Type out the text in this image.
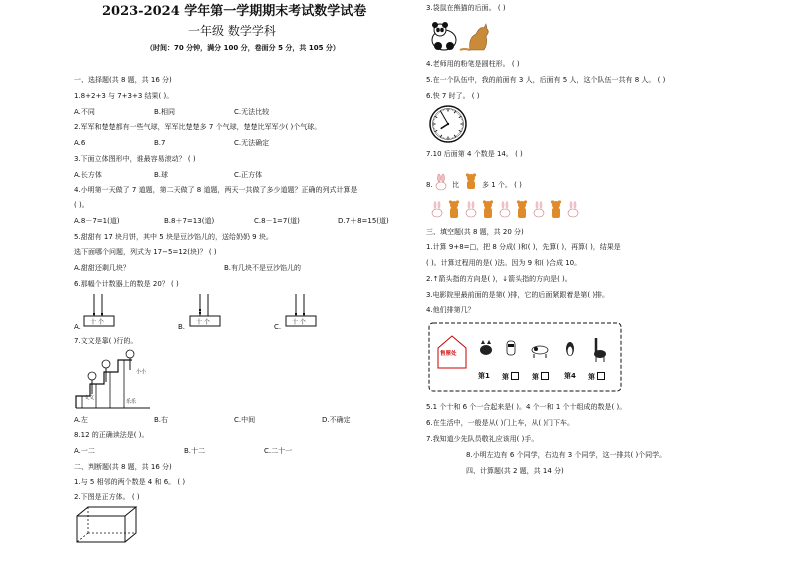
2023-2024 学年第一学期期末考试数学试卷
一年级 数学学科
（时间：70 分钟，满分 100 分，卷面分 5 分，共 105 分）
一、选择题(共 8 题，共 16 分)
1.8+2+3 与 7+3+3 结果( )。
A.不同	B.相同	C.无法比较
2.军军和楚楚都有一些气球，军军比楚楚多 7 个气球，楚楚比军军少( )个气球。
A.6	B.7	C.无法确定
3.下面立体图形中，谁最容易滚动？ ( )
A.长方体	B.球	C.正方体
4.小明第一天做了 7 道题，第二天做了 8 道题，两天一共做了多少道题？正确的列式计算是
( )。
A.8－7=1(道)	B.8＋7=13(道)	C.8－1=7(道)	D.7＋8=15(道)
5.甜甜有 17 块月饼，其中 5 块是豆沙馅儿的，送给奶奶 9 块。
选下面哪个问题，列式为 17−5=12(块)？ ( )
A.甜甜还剩几块？	B.有几块不是豆沙馅儿的
6.那幅个计数器上的数是 20？ ( )
A.
十 个
B.
十 个
C.
十 个
7.文文是靠( )行的。
小小
文文
乐乐
A.左	B.右	C.中间	D.不确定
8.12 的正确读法是( )。
A.一二	B.十二	C.二十一
二、判断题(共 8 题，共 16 分)
1.与 5 相邻的两个数是 4 和 6。 ( )
2.下图是正方体。 ( )
3.袋鼠在熊猫的后面。 ( )
4.老师用的粉笔是圆柱形。 ( )
5.在一个队伍中，我的前面有 3 人，后面有 5 人，这个队伍一共有 8 人。 ( )
6.快 7 时了。 ( )
7.10 后面第 4 个数是 14。 ( )
8.	比	多 1 个。 ( )
三、填空题(共 8 题，共 20 分)
1.计算 9+8=□，把 8 分成( )和( )，先算( )，再算( )，结果是
( )。计算过程用的是( )法。因为 9 和( )合成 10。
2.↑箭头指的方向是( )，↓箭头指的方向是( )。
3.电影院里最前面的是第( )排，它的后面紧跟着是第( )排。
4.他们排第几？
售票处
第1 第	第	第4 第
5.1 个十和 6 个一合起来是( )。4 个一和 1 个十组成的数是( )。
6.在生活中，一般是从( )门上车，从( )门下车。
7.我知道少先队员敬礼应该用( )手。
8.小明左边有 6 个同学，右边有 3 个同学，这一排共( )个同学。
四、计算题(共 2 题，共 14 分)
